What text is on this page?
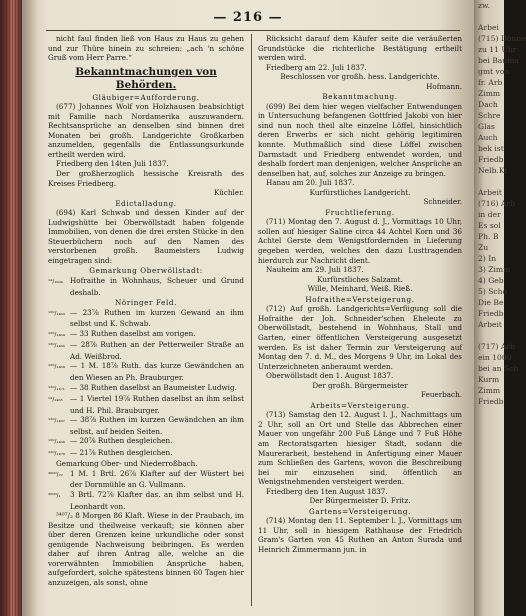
— 216 —

nicht faul finden ließ von Haus zu Haus zu gehen und zur Thüre hinein zu schreien: „ach 'n schöne Gruß vom Herr Parre.“

Bekanntmachungen von Behörden.

Gläubiger=Aufforderung.

(677) Johannes Wolf von Holzhausen beabsichtigt mit Familie nach Nordamerika auszuwandern. Rechtsansprüche an denselben sind binnen drei Monaten bei großh. Landgerichte Großkarben anzumelden, gegenfalls die Entlassungsurkunde ertheilt werden wird.

Friedberg den 14ten Juli 1837.

Der großherzoglich hessische Kreisrath des Kreises Friedberg.

Küchler.

Edictalladung.

(694) Karl Schwab und dessen Kinder auf der Ludwigshütte bei Oberwöllstadt haben folgende Immobilien, von denen die drei ersten Stücke in den Steuerbüchern noch auf den Namen des verstorbenen großh. Baumeisters Ludwig eingetragen sind:

Gemarkung Oberwöllstadt:

¹⁴/₁₆₀₄ Hofraithe in Wohnhaus, Scheuer und Grund deshalb.

Nöringer Feld.

¹²⁰/₁₄₆₃ — 23⅞ Ruthen im kurzen Gewand an ihm selbst und K. Schwab.

¹²⁰/₁₄₆₄ — 33 Ruthen daselbst am vorigen.

¹²⁰/₁₄₆₆ — 28⅞ Ruthen an der Petterweiler Straße an Ad. Weißbrod.

¹²⁰/₁₄₆₉ — 1 M. 18⅞ Ruth. das kurze Gewändchen an den Wiesen an Ph. Brauburger.

¹²⁰/₁₄₇₁ — 38 Ruthen daselbst an Baumeister Ludwig.

¹⁴/₁₄₆₅ — 1 Viertel 19⅞ Ruthen daselbst an ihm selbst und H. Phil. Brauburger.

¹²⁰/₁₄₆₇ — 38⅞ Ruthen im kurzen Gewändchen an ihm selbst, auf beiden Seiten.

¹²⁰/₁₄₆₈ — 20⅞ Ruthen desgleichen.

¹²⁰/₁₄₇₀ — 21⅞ Ruthen desgleichen.

Gemarkung Ober- und Niederroßbach.

²⁰⁰⁰/₂₂ 1 M. 1 Brtl. 26⅞ Klafter auf der Wüstert bei der Dornmühle an G. Vullmann.

²⁰⁰⁰/₁ 3 Brtl. 72⅞ Klafter das. an ihm selbst und H. Leonhardt von.

³⁴⁰⁷/₂ 8 Morgen 86 Klaft. Wiese in der Praubach, im Besitze und theilweise verkauft; sie können aber über deren Grenzen keine urkundliche oder sonst genügende Nachweisung beibringen. Es werden daher auf ihren Antrag alle, welche an die vorerwähnten Immobilien Ansprüche haben, aufgefordert, solche spätestens binnen 60 Tagen hier anzuzeigen, als sonst, ohne

Rücksicht darauf dem Käufer seite die veräußerten Grundstücke die richterliche Bestätigung ertheilt werden wird.

Friedberg am 22. Juli 1837.

Beschlossen vor großh. hess. Landgerichte.

Hofmann.

Bekanntmachung.

(699) Bei dem hier wegen vielfacher Entwendungen in Untersuchung befangenen Gottfried Jakobi von hier sind nun noch theil alte einzelne Löffel, hinsichtlich deren Erwerbs er sich nicht gehörig legitimiren konnte. Muthmaßlich sind diese Löffel zwischen Darmstadt und Friedberg entwendet worden, und deshalb fordert man denjenigen, welcher Ansprüche an denselben hat, auf, solches zur Anzeige zu bringen.

Hanau am 20. Juli 1837.

Kurfürstliches Landgericht.

Schneider.

Fruchtlieferung.

(711) Montag den 7. August d. J., Vormittags 10 Uhr, sollen auf hiesiger Saline circa 44 Achtel Korn und 36 Achtel Gerste dem Wenigstfordernden in Lieferung gegeben werden, welches den dazu Lusttragenden hierdurch zur Nachricht dient.

Nauheim am 29. Juli 1837.

Kurfürstliches Salzamt.

Wille, Meinhard, Weiß. Rieß.

Hofraithe=Versteigerung.

(712) Auf großh. Landgerichts=Verfügung soll die Hofraithe der Joh. Schneider'schen Eheleute zu Oberwöllstadt, bestehend in Wohnhaus, Stall und Garten, einer öffentlichen Versteigerung ausgesetzt werden. Es ist daher Termin zur Versteigerung auf Montag den 7. d. M., des Morgens 9 Uhr, im Lokal des Unterzeichneten anberaumt werden.

Oberwöllstadt den 1. August 1837.

Der großh. Bürgermeister

Feuerbach.

Arbeits=Versteigerung.

(713) Samstag den 12. August l. J., Nachmittags um 2 Uhr, soll an Ort und Stelle das Abbrechen einer Mauer von ungefähr 200 Fuß Länge und 7 Fuß Höhe am Rectoratsgarten hiesiger Stadt, sodann die Maurerarbeit, bestehend in Anfertigung einer Mauer zum Schließen des Gartens, wovon die Beschreibung bei mir einzusehen sind, öffentlich an Wenigstnehmenden versteigert werden.

Friedberg den 1ten August 1837.

Der Bürgermeister D. Fritz.

Gartens=Versteigerung.

(714) Montag den 11. September l. J., Vormittags um 11 Uhr, soll in hiesigem Rathhause der Friedrich Gram's Garten von 45 Ruthen an Anton Surada und Heinrich Zimmermann jun. in

zw.

Arbei
(715) Dönne
zu 11 Uhr
bei Bauma
gmt von
fr. Arb
Zimm
Dach
Schre
Glas
Auch
bek ist
Friedb
Nelb.Ki

Arbeit
(716) Arb
in der
Es sol
Ph. B
Zu
2) In
3) Zimm
4) Geb
5) Scho
Die Be
Friedb
Arbeit

(717) Arb
ein 1000
bei an Sch
Kurm
Zimm
Friedb
